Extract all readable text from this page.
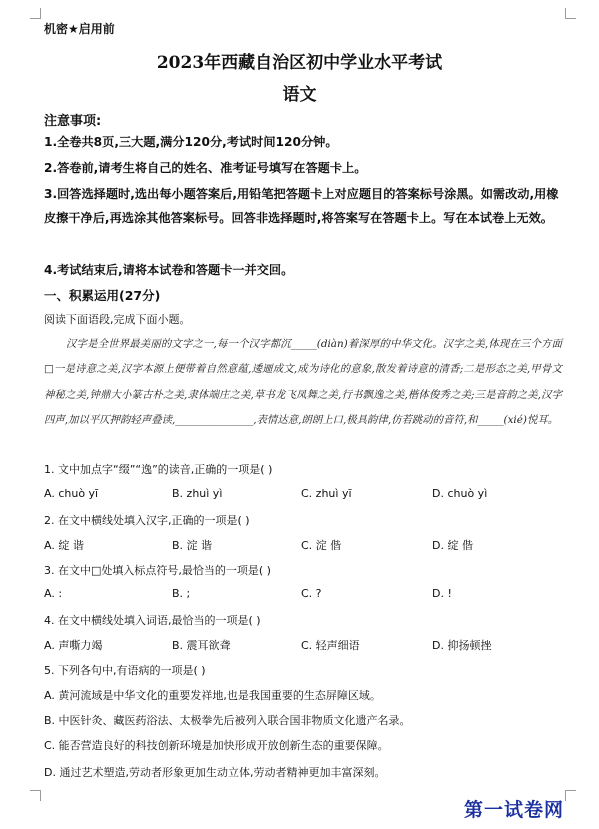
机密★启用前
2023年西藏自治区初中学业水平考试
语文
注意事项:
1.全卷共8页,三大题,满分120分,考试时间120分钟。
2.答卷前,请考生将自己的姓名、准考证号填写在答题卡上。
3.回答选择题时,选出每小题答案后,用铅笔把答题卡上对应题目的答案标号涂黑。如需改动,用橡皮擦干净后,再选涂其他答案标号。回答非选择题时,将答案写在答题卡上。写在本试卷上无效。
4.考试结束后,请将本试卷和答题卡一并交回。
一、积累运用(27分)
阅读下面语段,完成下面小题。
汉字是全世界最美丽的文字之一,每一个汉字都沉_____(diàn)着深厚的中华文化。汉字之美,体现在三个方面□一是诗意之美,汉字本源上便带着自然意蕴,逶逦成文,成为诗化的意象,散发着诗意的清香;二是形态之美,甲骨文神秘之美,钟鼎大小篆古朴之美,隶体端庄之美,草书龙飞凤舞之美,行书飘逸之美,楷体俊秀之美;三是音韵之美,汉字四声,加以平仄押韵轻声叠读,_______________,表情达意,朗朗上口,极具韵律,仿若跳动的音符,和_____(xié)悦耳。
1. 文中加点字“缀”“逸”的读音,正确的一项是( )
A. chuò yī	B. zhuì yì	C. zhuì yī	D. chuò yì
2. 在文中横线处填入汉字,正确的一项是( )
A. 绽 谐	B. 淀 谐	C. 淀 偕	D. 绽 偕
3. 在文中□处填入标点符号,最恰当的一项是( )
A. :	B. ;	C. ?	D. !
4. 在文中横线处填入词语,最恰当的一项是( )
A. 声嘶力竭	B. 震耳欲聋	C. 轻声细语	D. 抑扬顿挫
5. 下列各句中,有语病的一项是( )
A. 黄河流域是中华文化的重要发祥地,也是我国重要的生态屏障区域。
B. 中医针灸、藏医药浴法、太极拳先后被列入联合国非物质文化遗产名录。
C. 能否营造良好的科技创新环境是加快形成开放创新生态的重要保障。
D. 通过艺术塑造,劳动者形象更加生动立体,劳动者精神更加丰富深刻。
第一试卷网
